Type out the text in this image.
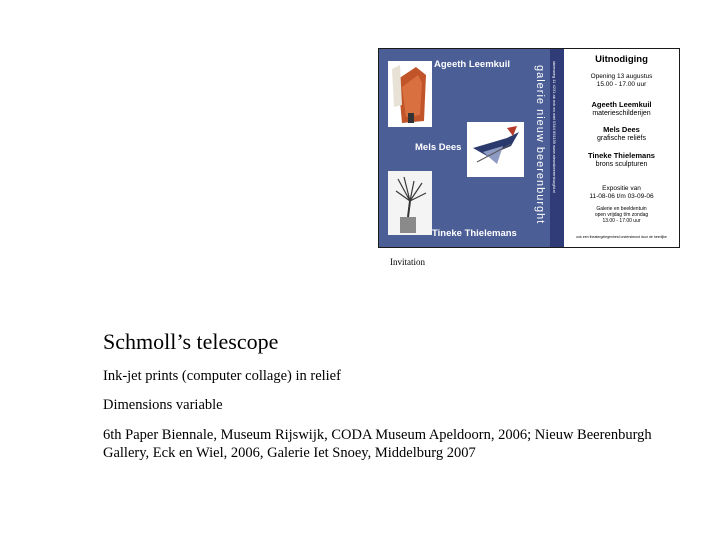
Ageeth Leemkuil
Mels Dees
Tineke Thielemans
galerie nieuw beerenburght steenweg 11 4231 ab eck en wiel 0344 691159 www.nieuwbeerenburght.nl
Uitnodiging
Opening 13 augustus
15.00 - 17.00 uur
Ageeth Leemkuil
materieschilderijen
Mels Dees
grafische reliëfs
Tineke Thielemans
brons sculpturen
Expositie van
11-08-06 t/m 03-09-06
Galerie en beeldentuin
open vrijdag t/m zondag
13.00 - 17.00 uur
ook een theatergelegenheid ondersteund door de heerlijke
Invitation
Schmoll’s telescope
Ink-jet prints (computer collage) in relief
Dimensions variable
6th Paper Biennale, Museum Rijswijk, CODA Museum Apeldoorn, 2006; Nieuw Beerenburgh Gallery, Eck en Wiel, 2006, Galerie Iet Snoey, Middelburg 2007
